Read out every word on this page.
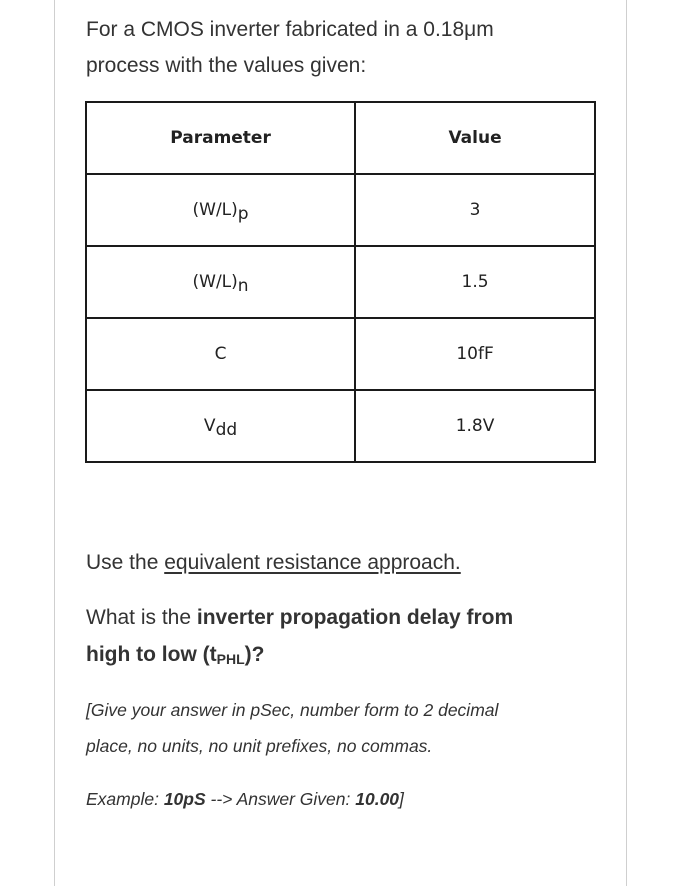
For a CMOS inverter fabricated in a 0.18μm
process with the values given:
Parameter	Value
(W/L)p	3
(W/L)n	1.5
C	10fF
Vdd	1.8V
Use the equivalent resistance approach.
What is the inverter propagation delay from
high to low (tPHL)?
[Give your answer in pSec, number form to 2 decimal
place, no units, no unit prefixes, no commas.
Example: 10pS --> Answer Given: 10.00]
